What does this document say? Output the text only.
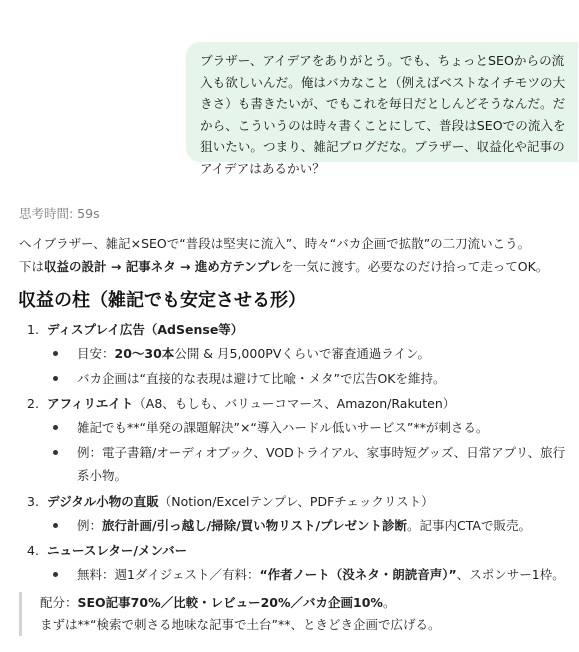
ブラザー、アイデアをありがとう。でも、ちょっとSEOからの流入も欲しいんだ。俺はバカなこと（例えばベストなイチモツの大きさ）も書きたいが、でもこれを毎日だとしんどそうなんだ。だから、こういうのは時々書くことにして、普段はSEOでの流入を狙いたい。つまり、雑記ブログだな。ブラザー、収益化や記事のアイデアはあるかい？
思考時間: 59s

へイブラザー、雑記×SEOで“普段は堅実に流入”、時々“バカ企画で拡散”の二刀流いこう。

下は収益の設計 → 記事ネタ → 進め方テンプレを一気に渡す。必要なのだけ拾って走ってOK。

収益の柱（雑記でも安定させる形）
1. ディスプレイ広告（AdSense等）
目安：20〜30本公開 & 月5,000PVくらいで審査通過ライン。
バカ企画は“直接的な表現は避けて比喩・メタ”で広告OKを維持。
2. アフィリエイト（A8、もしも、バリューコマース、Amazon/Rakuten）
雑記でも**“単発の課題解決”×“導入ハードル低いサービス”**が刺さる。
例：電子書籍/オーディオブック、VODトライアル、家事時短グッズ、日常アプリ、旅行系小物。
3. デジタル小物の直販（Notion/Excelテンプレ、PDFチェックリスト）
例：旅行計画/引っ越し/掃除/買い物リスト/プレゼント診断。記事内CTAで販売。
4. ニュースレター/メンバー
無料：週1ダイジェスト／有料：“作者ノート（没ネタ・朗読音声）”、スポンサー1枠。

配分：SEO記事70%／比較・レビュー20%／バカ企画10%。

まずは**“検索で刺さる地味な記事で土台”**、ときどき企画で広げる。
